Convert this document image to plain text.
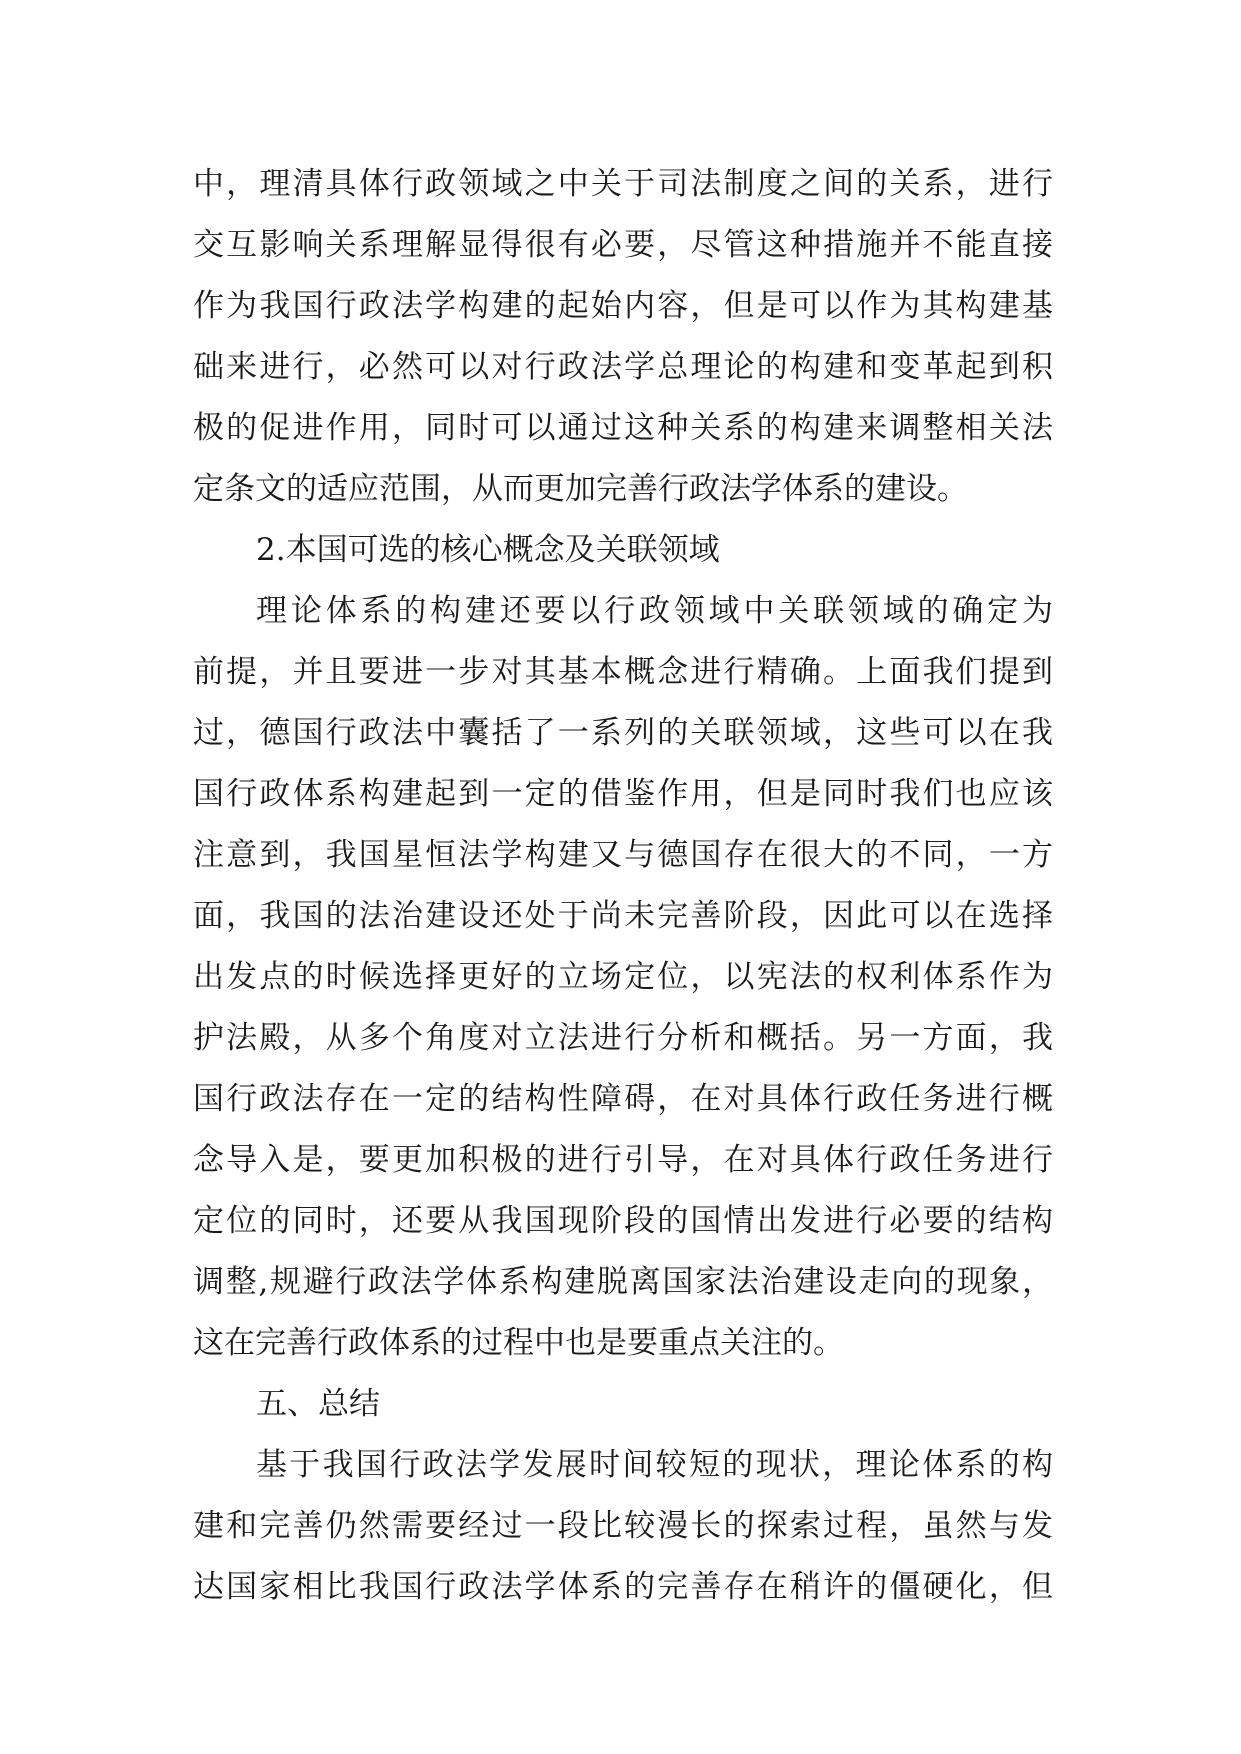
中，理清具体行政领域之中关于司法制度之间的关系，进行
交互影响关系理解显得很有必要，尽管这种措施并不能直接
作为我国行政法学构建的起始内容，但是可以作为其构建基
础来进行，必然可以对行政法学总理论的构建和变革起到积
极的促进作用，同时可以通过这种关系的构建来调整相关法
定条文的适应范围，从而更加完善行政法学体系的建设。
2.本国可选的核心概念及关联领域
理论体系的构建还要以行政领域中关联领域的确定为
前提，并且要进一步对其基本概念进行精确。上面我们提到
过，德国行政法中囊括了一系列的关联领域，这些可以在我
国行政体系构建起到一定的借鉴作用，但是同时我们也应该
注意到，我国星恒法学构建又与德国存在很大的不同，一方
面，我国的法治建设还处于尚未完善阶段，因此可以在选择
出发点的时候选择更好的立场定位，以宪法的权利体系作为
护法殿，从多个角度对立法进行分析和概括。另一方面，我
国行政法存在一定的结构性障碍，在对具体行政任务进行概
念导入是，要更加积极的进行引导，在对具体行政任务进行
定位的同时，还要从我国现阶段的国情出发进行必要的结构
调整,规避行政法学体系构建脱离国家法治建设走向的现象，
这在完善行政体系的过程中也是要重点关注的。
五、总结
基于我国行政法学发展时间较短的现状，理论体系的构
建和完善仍然需要经过一段比较漫长的探索过程，虽然与发
达国家相比我国行政法学体系的完善存在稍许的僵硬化，但
